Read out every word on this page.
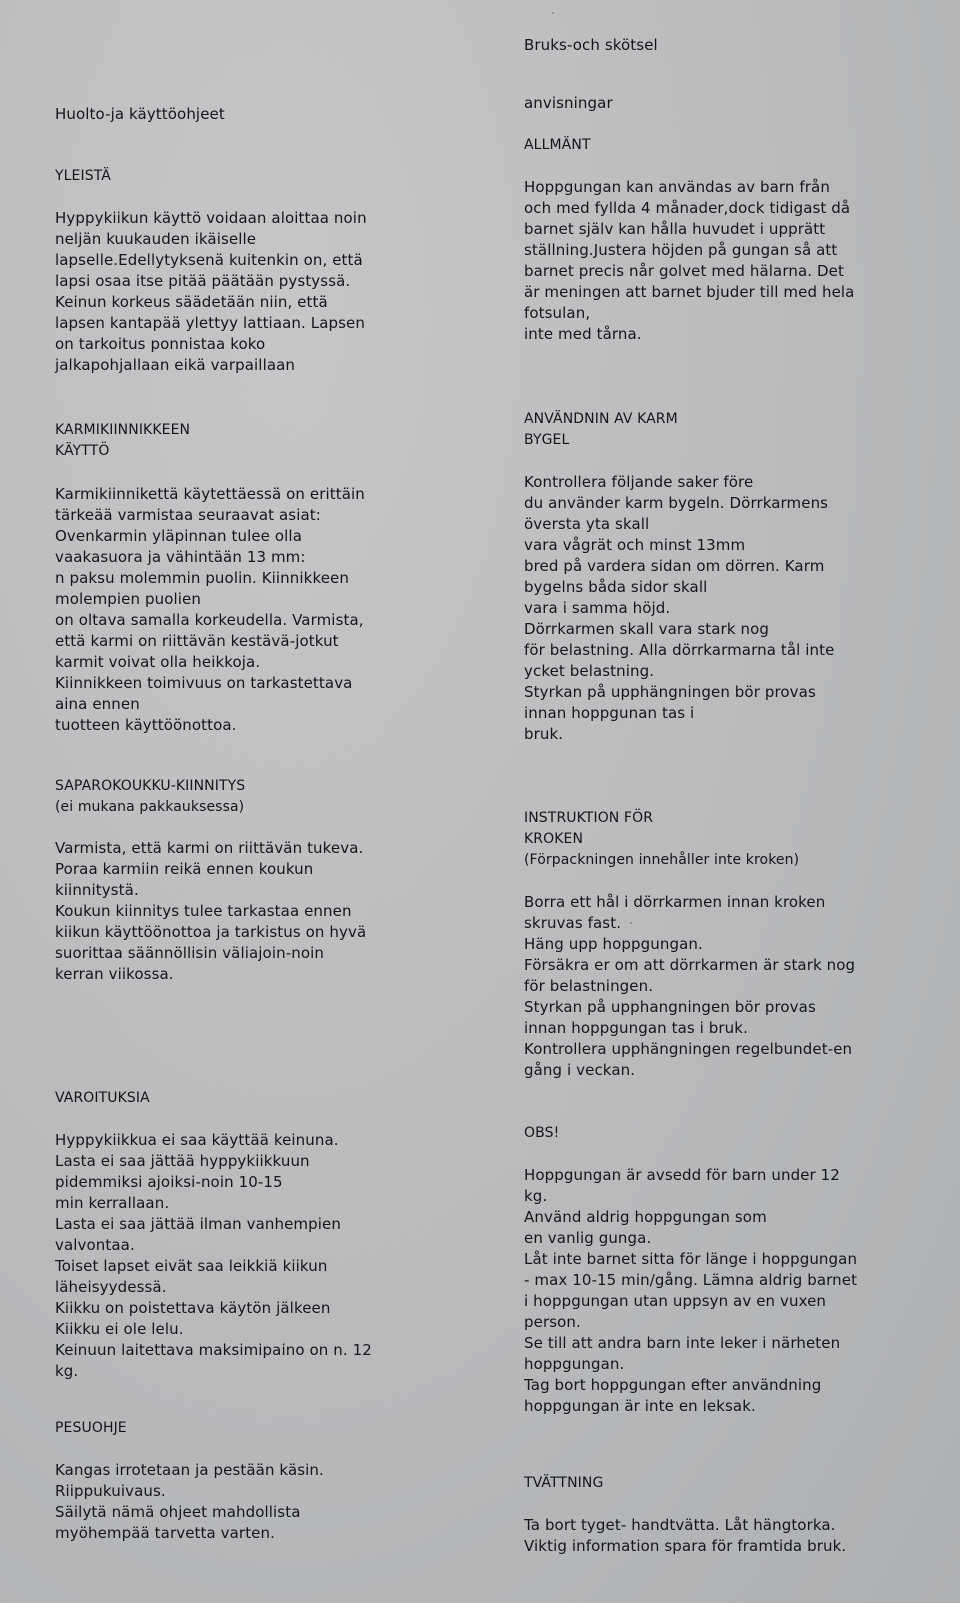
Huolto-ja käyttöohjeet

YLEISTÄ

Hyppykiikun käyttö voidaan aloittaa noin
neljän kuukauden ikäiselle
lapselle.Edellytyksenä kuitenkin on, että
lapsi osaa itse pitää päätään pystyssä.
Keinun korkeus säädetään niin, että
lapsen kantapää ylettyy lattiaan. Lapsen
on tarkoitus ponnistaa koko
jalkapohjallaan eikä varpaillaan

KARMIKIINNIKKEEN
KÄYTTÖ

Karmikiinnikettä käytettäessä on erittäin
tärkeää varmistaa seuraavat asiat:
Ovenkarmin yläpinnan tulee olla
vaakasuora ja vähintään 13 mm:
n paksu molemmin puolin. Kiinnikkeen
molempien puolien
on oltava samalla korkeudella. Varmista,
että karmi on riittävän kestävä-jotkut
karmit voivat olla heikkoja.
Kiinnikkeen toimivuus on tarkastettava
aina ennen
tuotteen käyttöönottoa.

SAPAROKOUKKU-KIINNITYS
(ei mukana pakkauksessa)

Varmista, että karmi on riittävän tukeva.
Poraa karmiin reikä ennen koukun
kiinnitystä.
Koukun kiinnitys tulee tarkastaa ennen
kiikun käyttöönottoa ja tarkistus on hyvä
suorittaa säännöllisin väliajoin-noin
kerran viikossa.

VAROITUKSIA

Hyppykiikkua ei saa käyttää keinuna.
Lasta ei saa jättää hyppykiikkuun
pidemmiksi ajoiksi-noin 10-15
min kerrallaan.
Lasta ei saa jättää ilman vanhempien
valvontaa.
Toiset lapset eivät saa leikkiä kiikun
läheisyydessä.
Kiikku on poistettava käytön jälkeen
Kiikku ei ole lelu.
Keinuun laitettava maksimipaino on n. 12
kg.

PESUOHJE

Kangas irrotetaan ja pestään käsin.
Riippukuivaus.
Säilytä nämä ohjeet mahdollista
myöhempää tarvetta varten.

Bruks-och skötsel
anvisningar

ALLMÄNT

Hoppgungan kan användas av barn från
och med fyllda 4 månader,dock tidigast då
barnet själv kan hålla huvudet i upprätt
ställning.Justera höjden på gungan så att
barnet precis når golvet med hälarna. Det
är meningen att barnet bjuder till med hela
fotsulan,
inte med tårna.

ANVÄNDNIN AV KARM
BYGEL

Kontrollera följande saker före
du använder karm bygeln. Dörrkarmens
översta yta skall
vara vågrät och minst 13mm
bred på vardera sidan om dörren. Karm
bygelns båda sidor skall
vara i samma höjd.
Dörrkarmen skall vara stark nog
för belastning. Alla dörrkarmarna tål inte
ycket belastning.
Styrkan på upphängningen bör provas
innan hoppgunan tas i
bruk.

INSTRUKTION FÖR
KROKEN
(Förpackningen innehåller inte kroken)

Borra ett hål i dörrkarmen innan kroken
skruvas fast.
Häng upp hoppgungan.
Försäkra er om att dörrkarmen är stark nog
för belastningen.
Styrkan på upphangningen bör provas
innan hoppgungan tas i bruk.
Kontrollera upphängningen regelbundet-en
gång i veckan.

OBS!

Hoppgungan är avsedd för barn under 12
kg.
Använd aldrig hoppgungan som
en vanlig gunga.
Låt inte barnet sitta för länge i hoppgungan
- max 10-15 min/gång. Lämna aldrig barnet
i hoppgungan utan uppsyn av en vuxen
person.
Se till att andra barn inte leker i närheten
hoppgungan.
Tag bort hoppgungan efter användning
hoppgungan är inte en leksak.

TVÄTTNING

Ta bort tyget- handtvätta. Låt hängtorka.
Viktig information spara för framtida bruk.
